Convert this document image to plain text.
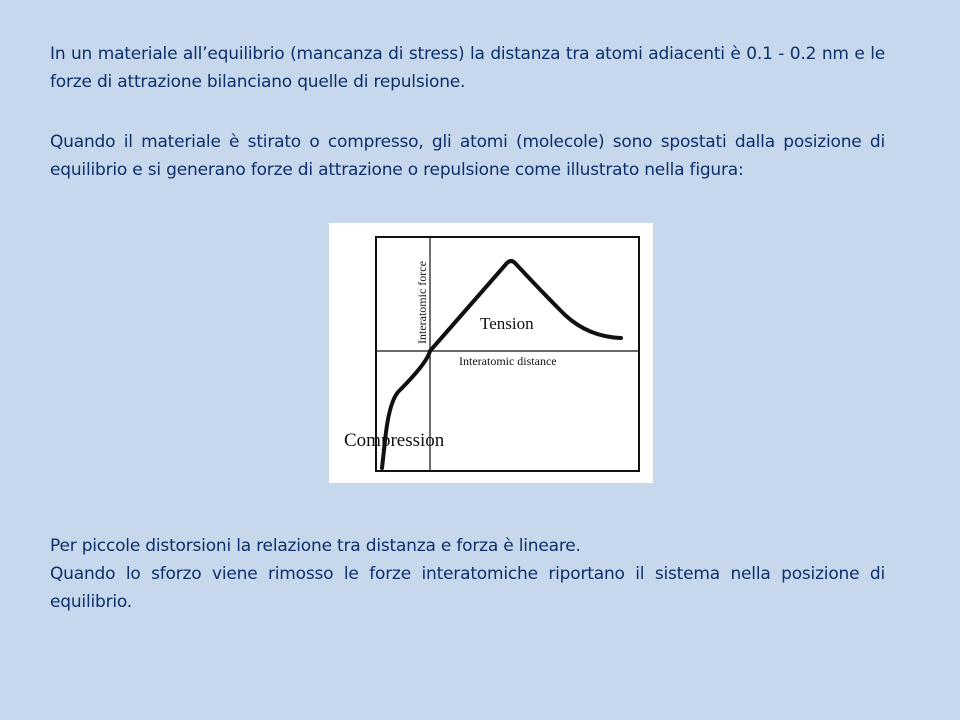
In un materiale all’equilibrio (mancanza di stress) la distanza tra atomi adiacenti è 0.1 - 0.2 nm e le forze di attrazione bilanciano quelle di repulsione.

Quando il materiale è stirato o compresso, gli atomi (molecole) sono spostati dalla posizione di equilibrio e si generano forze di attrazione o repulsione come illustrato nella figura:

Interatomic force
Interatomic distance
Tension
Compression

Per piccole distorsioni la relazione tra distanza e forza è lineare.

Quando lo sforzo viene rimosso le forze interatomiche riportano il sistema nella posizione di equilibrio.
